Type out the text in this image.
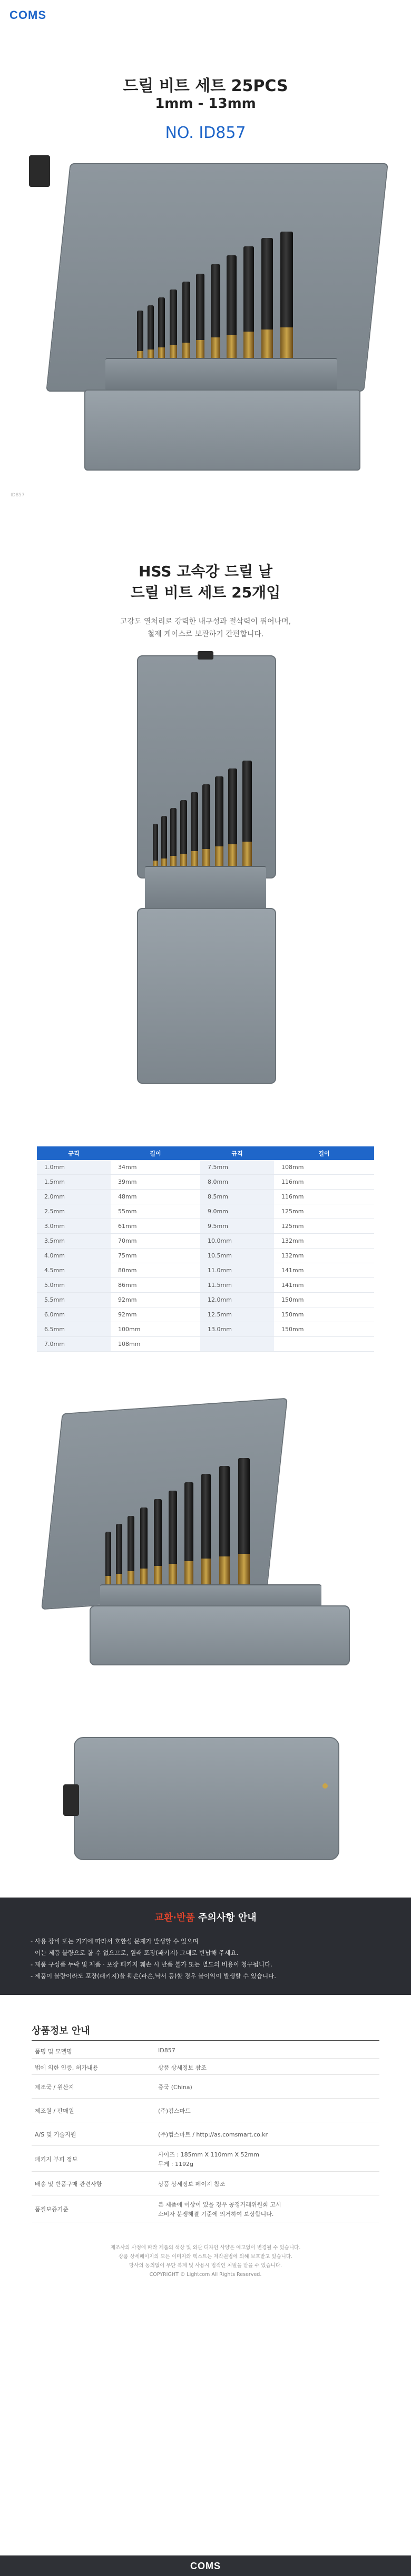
COMS
드릴 비트 세트 25PCS
1mm - 13mm
NO. ID857
ID857
HSS 고속강 드릴 날
드릴 비트 세트 25개입
고강도 열처리로 강력한 내구성과 절삭력이 뛰어나며,
철제 케이스로 보관하기 간편합니다.
규격	길이	규격	길이
1.0mm	34mm	7.5mm	108mm
1.5mm	39mm	8.0mm	116mm
2.0mm	48mm	8.5mm	116mm
2.5mm	55mm	9.0mm	125mm
3.0mm	61mm	9.5mm	125mm
3.5mm	70mm	10.0mm	132mm
4.0mm	75mm	10.5mm	132mm
4.5mm	80mm	11.0mm	141mm
5.0mm	86mm	11.5mm	141mm
5.5mm	92mm	12.0mm	150mm
6.0mm	92mm	12.5mm	150mm
6.5mm	100mm	13.0mm	150mm
7.0mm	108mm		
교환·반품 주의사항 안내
- 사용 장비 또는 기기에 따라서 호환성 문제가 발생할 수 있으며
이는 제품 불량으로 볼 수 없으므로, 원래 포장(패키지) 그대로 반납해 주세요.
- 제품 구성품 누락 및 제품 · 포장 패키지 훼손 시 반품 불가 또는 별도의 비용이 청구됩니다.
- 제품이 불량이라도 포장(패키지)을 훼손(파손,낙서 등)할 경우 불이익이 발생할 수 있습니다.
상품정보 안내
품명 및 모델명	ID857
법에 의한 인증, 허가내용	상품 상세정보 참조
제조국 / 원산지	중국 (China)
제조원 / 판매원	(주)컴스마트
A/S 및 기술지원	(주)컴스마트 / http://as.comsmart.co.kr
패키지 부피 정보
사이즈 : 185mm X 110mm X 52mm
무게 : 1192g
배송 및 반품구매 관련사항	상품 상세정보 페이지 참조
품질보증기준
본 제품에 이상이 있을 경우 공정거래위원회 고시
소비자 분쟁해결 기준에 의거하여 보상합니다.
제조사의 사정에 따라 제품의 색상 및 외관 디자인 사양은 예고없이 변경될 수 있습니다.
상품 상세페이지의 모든 이미지와 텍스트는 저작권법에 의해 보호받고 있습니다.
당사의 동의없이 무단 복제 및 사용시 법적인 처벌을 받을 수 있습니다.
COPYRIGHT © Lightcom All Rights Reserved.
COMS
